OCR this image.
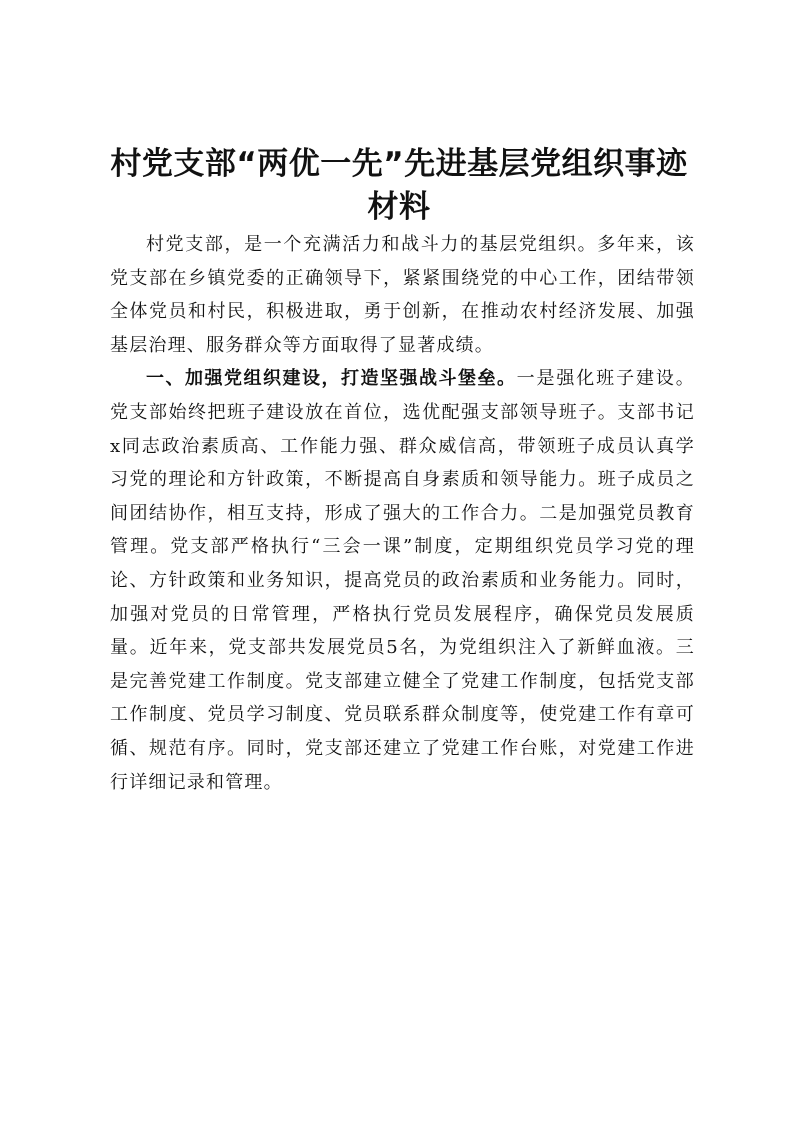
村党支部“两优一先”先进基层党组织事迹材料

村党支部，是一个充满活力和战斗力的基层党组织。多年来，该党支部在乡镇党委的正确领导下，紧紧围绕党的中心工作，团结带领全体党员和村民，积极进取，勇于创新，在推动农村经济发展、加强基层治理、服务群众等方面取得了显著成绩。

一、加强党组织建设，打造坚强战斗堡垒。一是强化班子建设。党支部始终把班子建设放在首位，选优配强支部领导班子。支部书记x同志政治素质高、工作能力强、群众威信高，带领班子成员认真学习党的理论和方针政策，不断提高自身素质和领导能力。班子成员之间团结协作，相互支持，形成了强大的工作合力。二是加强党员教育管理。党支部严格执行“三会一课”制度，定期组织党员学习党的理论、方针政策和业务知识，提高党员的政治素质和业务能力。同时，加强对党员的日常管理，严格执行党员发展程序，确保党员发展质量。近年来，党支部共发展党员5名，为党组织注入了新鲜血液。三是完善党建工作制度。党支部建立健全了党建工作制度，包括党支部工作制度、党员学习制度、党员联系群众制度等，使党建工作有章可循、规范有序。同时，党支部还建立了党建工作台账，对党建工作进行详细记录和管理。
